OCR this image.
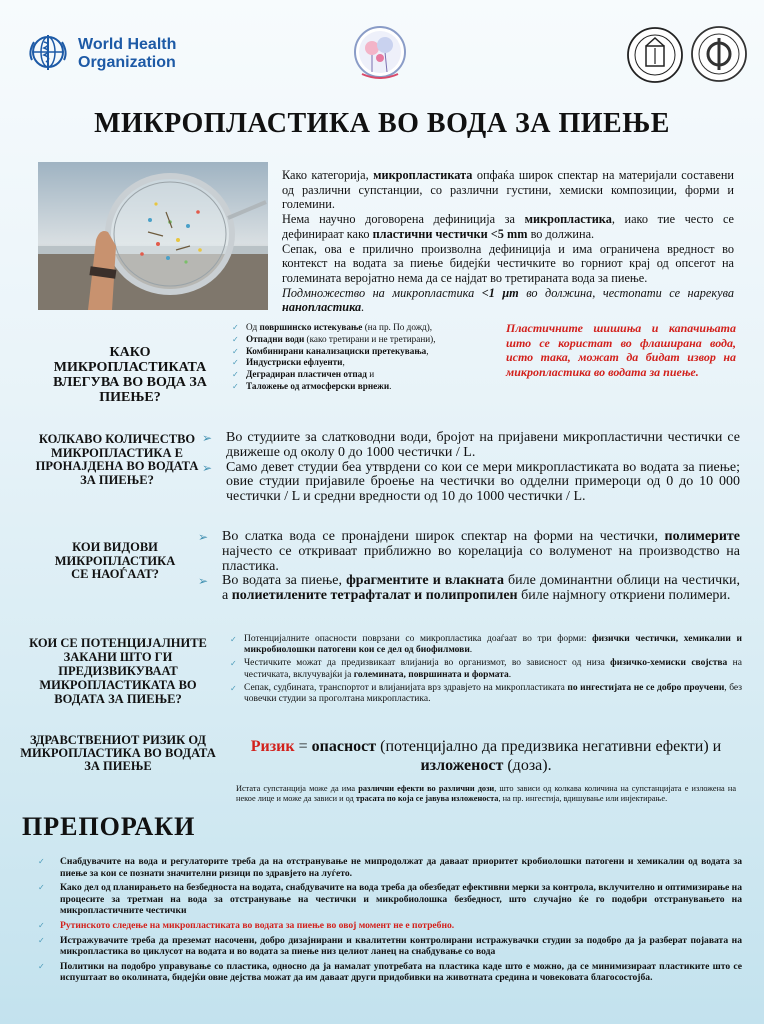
World Health
Organization
МИКРОПЛАСТИКА ВО ВОДА ЗА ПИЕЊЕ

Како категорија, микропластиката опфаќа широк спектар на материјали составени од различни супстанции, со различни густини, хемиски композиции, форми и големини.

Нема научно договорена дефиниција за микропластика, иако тие често се дефинираат како пластични честички <5 mm во должина.

Сепак, ова е прилично произволна дефиниција и има ограничена вредност во контекст на водата за пиење бидејќи честичките во горниот крај од опсегот на големината веројатно нема да се најдат во третираната вода за пиење.

Подмножество на микропластика <1 μm во должина, честопати се нарекува нанопластика.

КАКО МИКРОПЛАСТИКАТА ВЛЕГУВА ВО ВОДА ЗА ПИЕЊЕ?
✓ Од површинско истекување (на пр. По дожд),
✓ Отпадни води (како третирани и не третирани),
✓ Комбинирани канализациски претекувања,
✓ Индустриски ефлуенти,
✓ Деградиран пластичен отпад и
✓ Таложење од атмосферски врнежи.
Пластичните шишиња и капачињата што се користат во флаширана вода, исто така, можат да бидат извор на микропластика во водата за пиење.
КОЛКАВО КОЛИЧЕСТВО МИКРОПЛАСТИКА Е ПРОНАЈДЕНА ВО ВОДАТА ЗА ПИЕЊЕ?
➢ Во студиите за слатководни води, бројот на пријавени микропластични честички се движеше од околу 0 до 1000 честички / L.
➢ Само девет студии беа утврдени со кои се мери микропластиката во водата за пиење; овие студии пријавиле броење на честички во одделни примероци од 0 до 10 000 честички / L и средни вредности од 10 до 1000 честички / L.
КОИ ВИДОВИ МИКРОПЛАСТИКА СЕ НАОЃААТ?
➢ Во слатка вода се пронајдени широк спектар на форми на честички, полимерите најчесто се откриваат приближно во корелација со волуменот на производство на пластика.
➢ Во водата за пиење, фрагментите и влакната биле доминантни облици на честички, а полиетилените тетрафталат и полипропилен биле најмногу откриени полимери.
КОИ СЕ ПОТЕНЦИЈАЛНИТЕ ЗАКАНИ ШТО ГИ ПРЕДИЗВИКУВААТ МИКРОПЛАСТИКАТА ВО ВОДАТА ЗА ПИЕЊЕ?
✓ Потенцијалните опасности поврзани со микропластика доаѓаат во три форми: физички честички, хемикалии и микробиолошки патогени кои се дел од биофилмови.
✓ Честичките можат да предизвикаат влијанија во организмот, во зависност од низа физичко-хемиски својства на честичката, вклучувајќи ја големината, површината и формата.
✓ Сепак, судбината, транспортот и влијанијата врз здравјето на микропластиката по ингестијата не се добро проучени, без човечки студии за проголтана микропластика.
ЗДРАВСТВЕНИОТ РИЗИК ОД МИКРОПЛАСТИКА ВО ВОДАТА ЗА ПИЕЊЕ
Ризик = опасност (потенцијално да предизвика негативни ефекти) и изложеност (доза).
Истата супстанција може да има различни ефекти во различни дози, што зависи од колкава количина на супстанцијата е изложена на некое лице и може да зависи и од трасата по која се јавува изложеноста, на пр. ингестија, вдишување или инјектирање.
ПРЕПОРАКИ
✓ Снабдувачите на вода и регулаторите треба да на отстранување не мипродолжат да даваат приоритет кробиолошки патогени и хемикалии од водата за пиење за кои се познати значителни ризици по здравјето на луѓето.
✓ Како дел од планирањето на безбедноста на водата, снабдувачите на вода треба да обезбедат ефективни мерки за контрола, вклучително и оптимизирање на процесите за третман на вода за отстранување на честички и микробиолошка безбедност, што случајно ќе го подобри отстранувањето на микропластичните честички
✓ Рутинското следење на микропластиката во водата за пиење во овој момент не е потребно.
✓ Истражувачите треба да преземат насочени, добро дизајнирани и квалитетни контролирани истражувачки студии за подобро да ја разберат појавата на микропластика во циклусот на водата и во водата за пиење низ целиот ланец на снабдување со вода
✓ Политики на подобро управување со пластика, односно да ја намалат употребата на пластика каде што е можно, да се минимизираат пластиките што се испуштаат во околината, бидејќи овие дејства можат да им даваат други придобивки на животната средина и човековата благосостојба.
